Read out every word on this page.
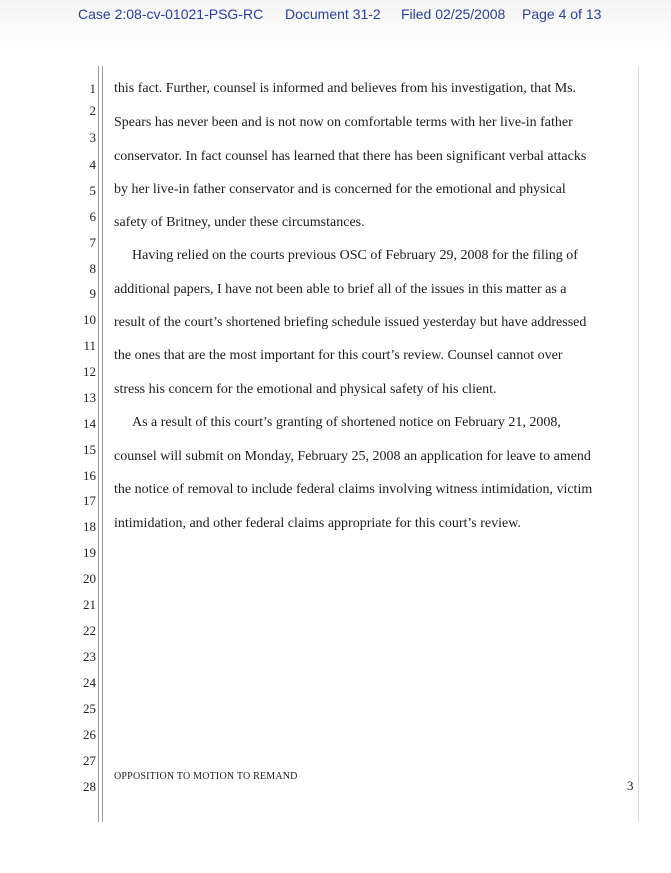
Case 2:08-cv-01021-PSG-RC Document 31-2 Filed 02/25/2008 Page 4 of 13
1
2
3
4
5
6
7
8
9
10
11
12
13
14
15
16
17
18
19
20
21
22
23
24
25
26
27
28
this fact. Further, counsel is informed and believes from his investigation, that Ms.
Spears has never been and is not now on comfortable terms with her live-in father
conservator. In fact counsel has learned that there has been significant verbal attacks
by her live-in father conservator and is concerned for the emotional and physical
safety of Britney, under these circumstances.
Having relied on the courts previous OSC of February 29, 2008 for the filing of
additional papers, I have not been able to brief all of the issues in this matter as a
result of the court’s shortened briefing schedule issued yesterday but have addressed
the ones that are the most important for this court’s review. Counsel cannot over
stress his concern for the emotional and physical safety of his client.
As a result of this court’s granting of shortened notice on February 21, 2008,
counsel will submit on Monday, February 25, 2008 an application for leave to amend
the notice of removal to include federal claims involving witness intimidation, victim
intimidation, and other federal claims appropriate for this court’s review.
OPPOSITION TO MOTION TO REMAND
3
